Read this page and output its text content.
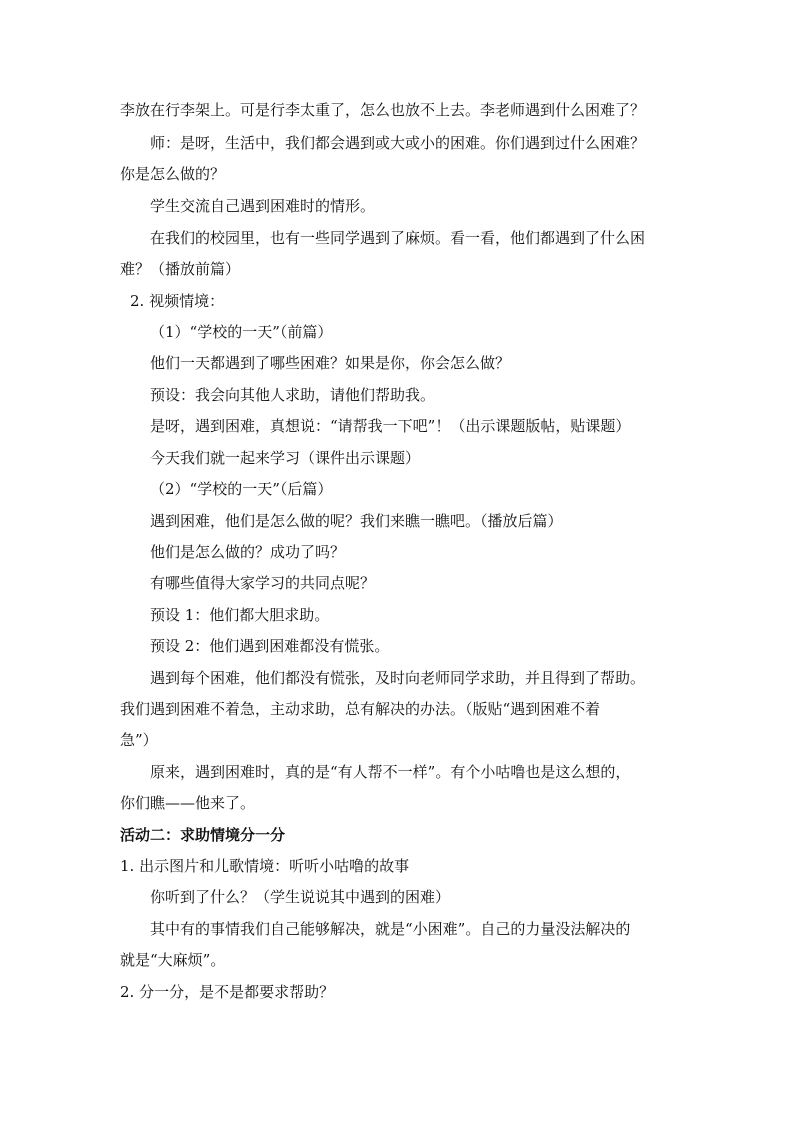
李放在行李架上。可是行李太重了，怎么也放不上去。李老师遇到什么困难了？
师：是呀，生活中，我们都会遇到或大或小的困难。你们遇到过什么困难？
你是怎么做的？
学生交流自己遇到困难时的情形。
在我们的校园里，也有一些同学遇到了麻烦。看一看，他们都遇到了什么困
难？（播放前篇）
2. 视频情境：
（1）“学校的一天”（前篇）
他们一天都遇到了哪些困难？如果是你，你会怎么做？
预设：我会向其他人求助，请他们帮助我。
是呀，遇到困难，真想说：“请帮我一下吧”！（出示课题版帖，贴课题）
今天我们就一起来学习（课件出示课题）
（2）“学校的一天”（后篇）
遇到困难，他们是怎么做的呢？我们来瞧一瞧吧。（播放后篇）
他们是怎么做的？成功了吗？
有哪些值得大家学习的共同点呢？
预设 1：他们都大胆求助。
预设 2：他们遇到困难都没有慌张。
遇到每个困难，他们都没有慌张，及时向老师同学求助，并且得到了帮助。
我们遇到困难不着急，主动求助，总有解决的办法。（版贴“遇到困难不着
急”）
原来，遇到困难时，真的是“有人帮不一样”。有个小咕噜也是这么想的，
你们瞧——他来了。
活动二：求助情境分一分
1. 出示图片和儿歌情境：听听小咕噜的故事
你听到了什么？（学生说说其中遇到的困难）
其中有的事情我们自己能够解决，就是“小困难”。自己的力量没法解决的
就是“大麻烦”。
2. 分一分，是不是都要求帮助？
